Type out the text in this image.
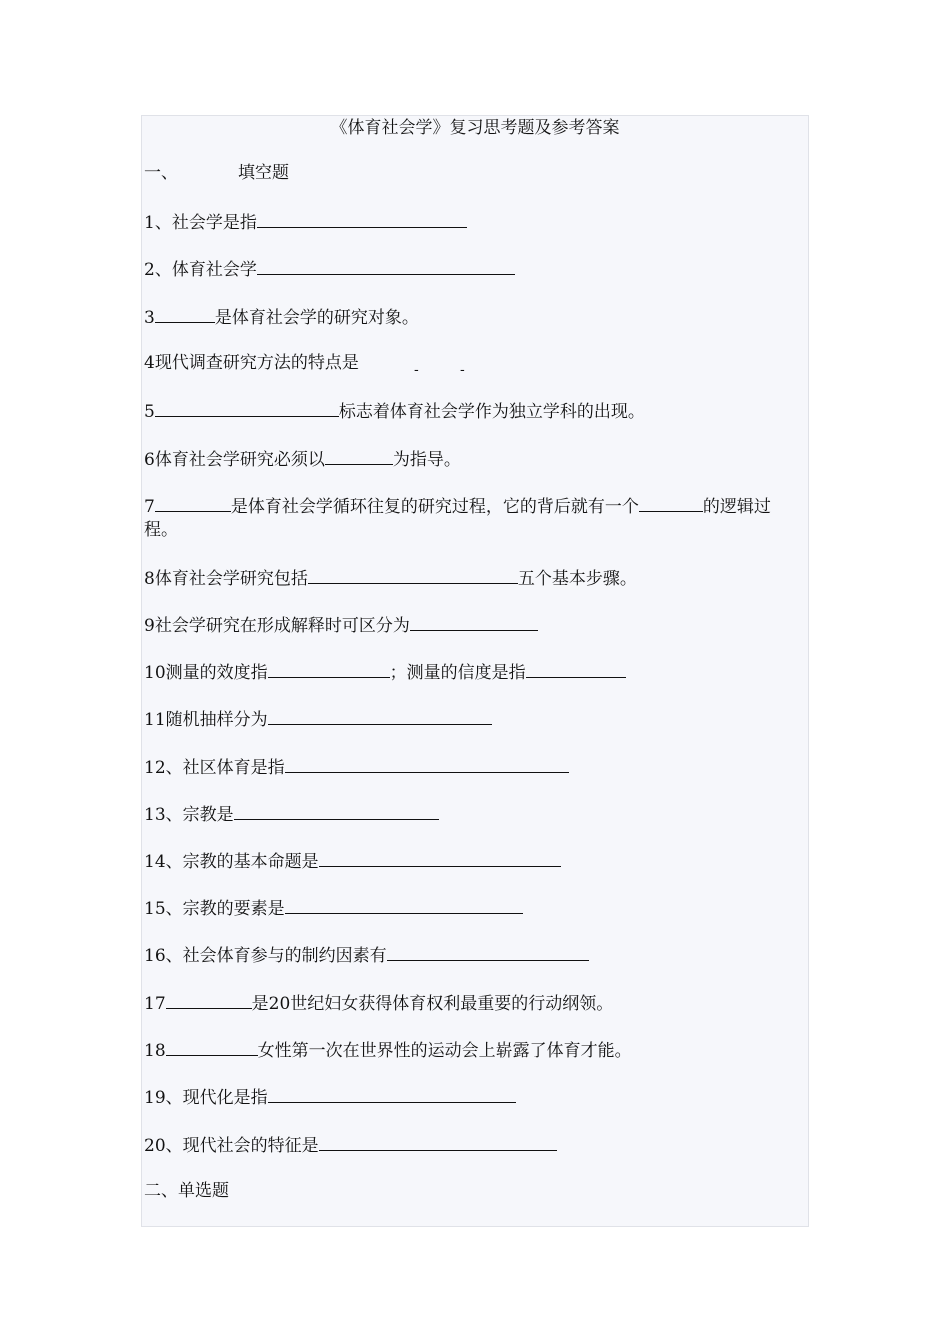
《体育社会学》复习思考题及参考答案
一、	填空题
1、社会学是指
2、体育社会学
3	是体育社会学的研究对象。
4现代调查研究方法的特点是	-	-
5	标志着体育社会学作为独立学科的出现。
6体育社会学研究必须以	为指导。
7	是体育社会学循环往复的研究过程，它的背后就有一个	的逻辑过
程。
8体育社会学研究包括	五个基本步骤。
9社会学研究在形成解释时可区分为
10测量的效度指	；测量的信度是指
11随机抽样分为
12、社区体育是指
13、宗教是
14、宗教的基本命题是
15、宗教的要素是
16、社会体育参与的制约因素有
17	是20世纪妇女获得体育权利最重要的行动纲领。
18	女性第一次在世界性的运动会上崭露了体育才能。
19、现代化是指
20、现代社会的特征是
二、单选题
